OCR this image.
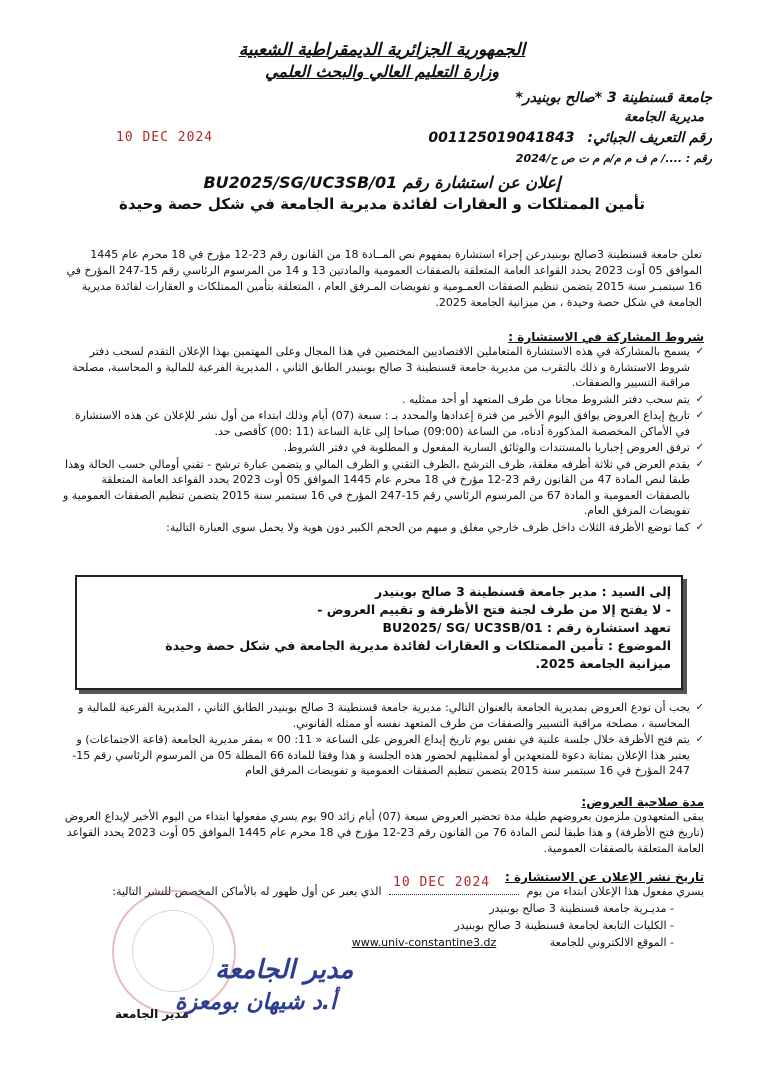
الجمهورية الجزائرية الديمقراطية الشعبية
وزارة التعليم العالي والبحث العلمي
جامعة قسنطينة 3 *صالح بوبنيدر*
مديرية الجامعة
10 DEC 2024	رقم التعريف الجبائي: 001125019041843
رقم : ..../ م ف م م/م م ت ص ح/2024
إعلان عن استشارة رقم BU2025/SG/UC3SB/01
تأمين الممتلكات و العقارات لفائدة مديرية الجامعة في شكل حصة وحيدة
تعلن جامعة قسنطينة 3صالح بوبنيدرعن إجراء استشارة بمفهوم نص المــادة 18 من القانون رقم 23-12 مؤرخ في 18 محرم عام 1445 الموافق 05 أوت 2023 يحدد القواعد العامة المتعلقة بالصفقات العمومية والمادتين 13 و 14 من المرسوم الرئاسي رقم 15-247 المؤرخ في 16 سبتمبـر سنة 2015 يتضمن تنظيم الصفقات العمـومية و تفويضات المـرفق العام ، المتعلقة بتأمين الممتلكات و العقارات لفائدة مديرية الجامعة في شكل حصة وحيدة ، من ميزانية الجامعة 2025.
شروط المشاركة في الاستشارة :
✓ يسمح بالمشاركة في هذه الاستشارة المتعاملين الاقتصاديين المختصين في هذا المجال وعلى المهتمين بهذا الإعلان التقدم لسحب دفتر شروط الاستشارة و ذلك بالتقرب من مديرية جامعة قسنطينة 3 صالح بوبنيدر الطابق الثاني ، المديرية الفرعية للمالية و المحاسبة، مصلحة مراقبة التسيير والصفقات.
✓ يتم سحب دفتر الشروط مجانا من طرف المتعهد أو أحد ممثليه .
✓ تاريخ إيداع العروض يوافق اليوم الأخير من فترة إعدادها والمحدد بـ : سبعة (07) أيام وذلك ابتداء من أول نشر للإعلان عن هذه الاستشارة في الأماكن المخصصة المذكورة أدناه، من الساعة (09:00) صباحا إلى غاية الساعة (11 :00) كأقصى حد.
✓ ترفق العروض إجباريا بالمستندات والوثائق السارية المفعول و المطلوبة في دفتر الشروط.
✓ يقدم العرض في ثلاثة أظرفه مغلقة، ظرف الترشح ،الظرف التقني و الظرف المالي و يتضمن عبارة ترشح - تقني أومالي حسب الحالة وهذا طبقا لنص المادة 47 من القانون رقم 23-12 مؤرخ في 18 محرم عام 1445 الموافق 05 أوت 2023 يحدد القواعد العامة المتعلقة بالصفقات العمومية و المادة 67 من المرسوم الرئاسي رقم 15-247 المؤرخ في 16 سبتمبر سنة 2015 يتضمن تنظيم الصفقات العمومية و تفويضات المرفق العام.
✓ كما توضع الأظرفة الثلاث داخل ظرف خارجي مغلق و مبهم من الحجم الكبير دون هوية ولا يحمل سوى العبارة التالية:
إلى السيد : مدير جامعة قسنطينة 3 صالح بوبنيدر
- لا يفتح إلا من طرف لجنة فتح الأظرفة و تقييم العروض -
تعهد استشارة رقم : BU2025/ SG/ UC3SB/01
الموضوع : تأمين الممتلكات و العقارات لفائدة مديرية الجامعة في شكل حصة وحيدة
ميزانية الجامعة 2025.
✓ يجب أن تودع العروض بمديرية الجامعة بالعنوان التالي: مديرية جامعة قسنطينة 3 صالح بوبنيدر الطابق الثاني ، المديرية الفرعية للمالية و المحاسبة ، مصلحة مراقبة التسيير والصفقات من طرف المتعهد نفسه أو ممثله القانوني.
✓ يتم فتح الأظرفة خلال جلسة علنية في نفس يوم تاريخ إيداع العروض على الساعة « 11: 00 » بمقر مديرية الجامعة (قاعة الاجتماعات) و يعتبر هذا الإعلان بمثابة دعوة للمتعهدين أو لممثليهم لحضور هذه الجلسة و هذا وفقا للمادة 66 المطلة 05 من المرسوم الرئاسي رقم 15-247 المؤرخ في 16 سبتمبر سنة 2015 يتضمن تنظيم الصفقات العمومية و تفويضات المرفق العام
مدة صلاحية العروض:
يبقى المتعهدون ملزمون بعروضهم طيلة مدة تحضير العروض سبعة (07) أيام زائد 90 يوم يسري مفعولها ابتداء من اليوم الأخير لإيداع العروض (تاريخ فتح الأظرفة) و هذا طبقا لنص المادة 76 من القانون رقم 23-12 مؤرخ في 18 محرم عام 1445 الموافق 05 أوت 2023 يحدد القواعد العامة المتعلقة بالصفقات العمومية.
تاريخ نشر الإعلان عن الاستشارة :
يسري مفعول هذا الإعلان ابتداء من يوم  الذي يعبر عن أول ظهور له بالأماكن المخصص للنشر التالية:
- مديـرية جامعة قسنطينة 3 صالح بوبنيدر
- الكليات التابعة لجامعة قسنطينة 3 صالح بوبنيدر
- الموقع الالكتروني للجامعة www.univ-constantine3.dz
10 DEC 2024
مدير الجامعة
أ.د شيهان بومعزة
مدير الجامعة
